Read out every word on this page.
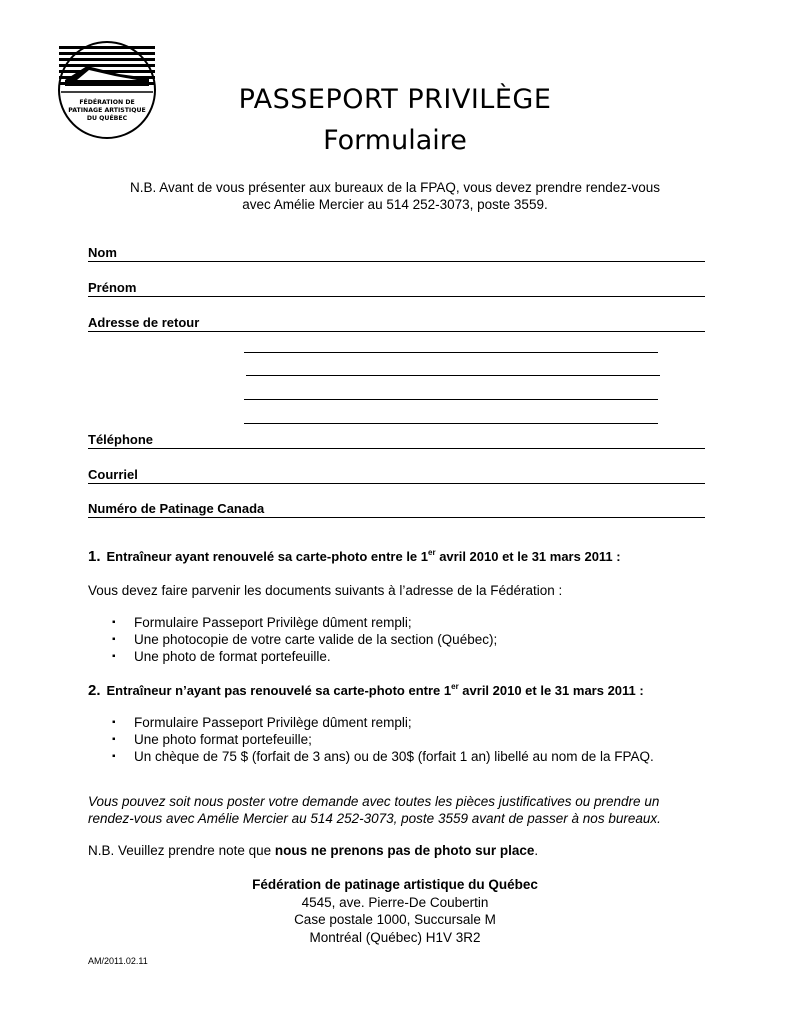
FÉDÉRATION DE
PATINAGE ARTISTIQUE
DU QUÉBEC
PASSEPORT PRIVILÈGE
Formulaire
N.B. Avant de vous présenter aux bureaux de la FPAQ, vous devez prendre rendez-vous
avec Amélie Mercier au 514 252-3073, poste 3559.
Nom
Prénom
Adresse de retour
Téléphone
Courriel
Numéro de Patinage Canada
1. Entraîneur ayant renouvelé sa carte-photo entre le 1er avril 2010 et le 31 mars 2011 :
Vous devez faire parvenir les documents suivants à l’adresse de la Fédération :
▪ Formulaire Passeport Privilège dûment rempli;
▪ Une photocopie de votre carte valide de la section (Québec);
▪ Une photo de format portefeuille.
2. Entraîneur n’ayant pas renouvelé sa carte-photo entre 1er avril 2010 et le 31 mars 2011 :
▪ Formulaire Passeport Privilège dûment rempli;
▪ Une photo format portefeuille;
▪ Un chèque de 75 $ (forfait de 3 ans) ou de 30$ (forfait 1 an) libellé au nom de la FPAQ.
Vous pouvez soit nous poster votre demande avec toutes les pièces justificatives ou prendre un
rendez-vous avec Amélie Mercier au 514 252-3073, poste 3559 avant de passer à nos bureaux.
N.B. Veuillez prendre note que nous ne prenons pas de photo sur place.
Fédération de patinage artistique du Québec
4545, ave. Pierre-De Coubertin
Case postale 1000, Succursale M
Montréal (Québec) H1V 3R2
AM/2011.02.11
